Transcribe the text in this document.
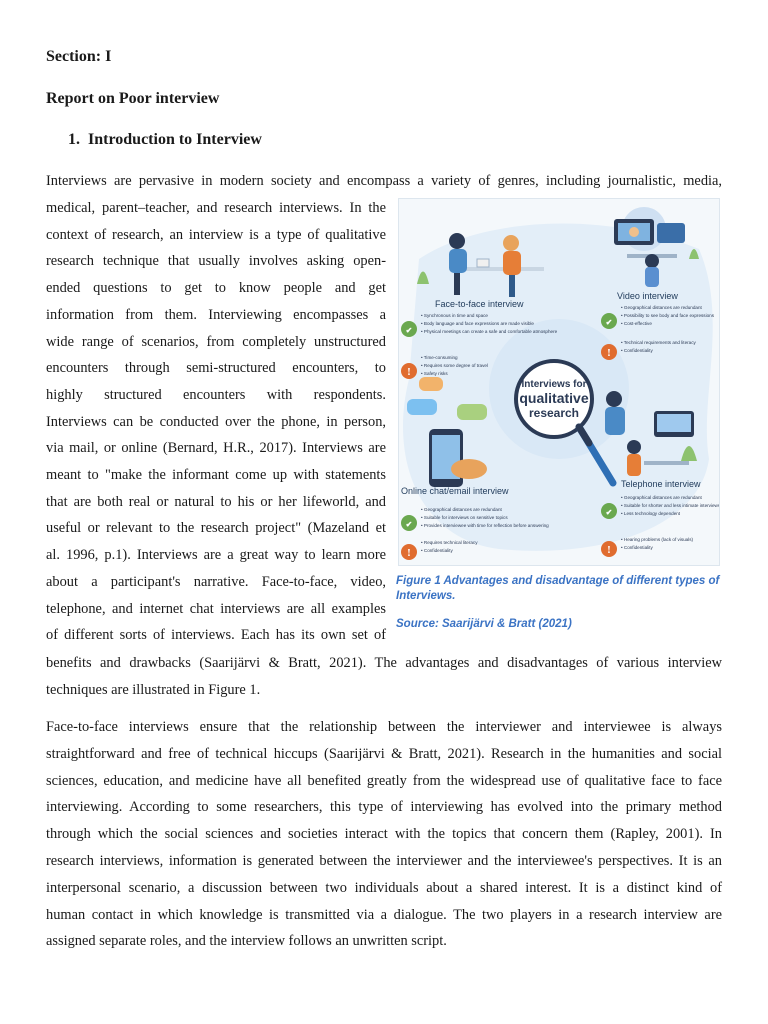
Section: I
Report on Poor interview
1. Introduction to Interview
Interviews are pervasive in modern society and encompass a variety of genres, including journalistic, media,
medical, parent–teacher, and research interviews. In the
context of research, an interview is a type of qualitative
research technique that usually involves asking open-
ended questions to get to know people and get
information from them. Interviewing encompasses a
wide range of scenarios, from completely unstructured
encounters through semi-structured encounters, to
highly structured encounters with respondents.
Interviews can be conducted over the phone, in person,
via mail, or online (Bernard, H.R., 2017). Interviews are
meant to "make the informant come up with statements
that are both real or natural to his or her lifeworld, and
useful or relevant to the research project" (Mazeland et
al. 1996, p.1). Interviews are a great way to learn more
about a participant's narrative. Face-to-face, video,
telephone, and internet chat interviews are all examples
of different sorts of interviews. Each has its own set of
benefits and drawbacks (Saarijärvi & Bratt, 2021). The advantages and disadvantages of various interview
techniques are illustrated in Figure 1.
Face-to-face interviews ensure that the relationship between the interviewer and interviewee is always
straightforward and free of technical hiccups (Saarijärvi & Bratt, 2021). Research in the humanities and social
sciences, education, and medicine have all benefited greatly from the widespread use of qualitative face to face
interviewing. According to some researchers, this type of interviewing has evolved into the primary method
through which the social sciences and societies interact with the topics that concern them (Rapley, 2001). In
research interviews, information is generated between the interviewer and the interviewee's perspectives. It is an
interpersonal scenario, a discussion between two individuals about a shared interest. It is a distinct kind of
human contact in which knowledge is transmitted via a dialogue. The two players in a research interview are
assigned separate roles, and the interview follows an unwritten script.
Face-to-face interview
Video interview
Interviews for
qualitative
research
Online chat/email interview
Telephone interview
✔
• Synchronous in time and space
• Body language and face expressions are made visible
• Physical meetings can create a safe and comfortable atmosphere
!
• Time-consuming
• Requires some degree of travel
• Safety risks
✔
• Geographical distances are redundant
• Possibility to see body and face expressions
• Cost-effective
!
• Technical requirements and literacy
• Confidentiality
✔
• Geographical distances are redundant
• Suitable for interviews on sensitive topics
• Provides interviewee with time for reflection before answering
!
• Requires technical literacy
• Confidentiality
✔
• Geographical distances are redundant
• Suitable for shorter and less intimate interviews
• Less technology dependent
!
• Hearing problems (lack of visuals)
• Confidentiality
Figure 1 Advantages and disadvantage of different types of
Interviews.
Source: Saarijärvi & Bratt (2021)
